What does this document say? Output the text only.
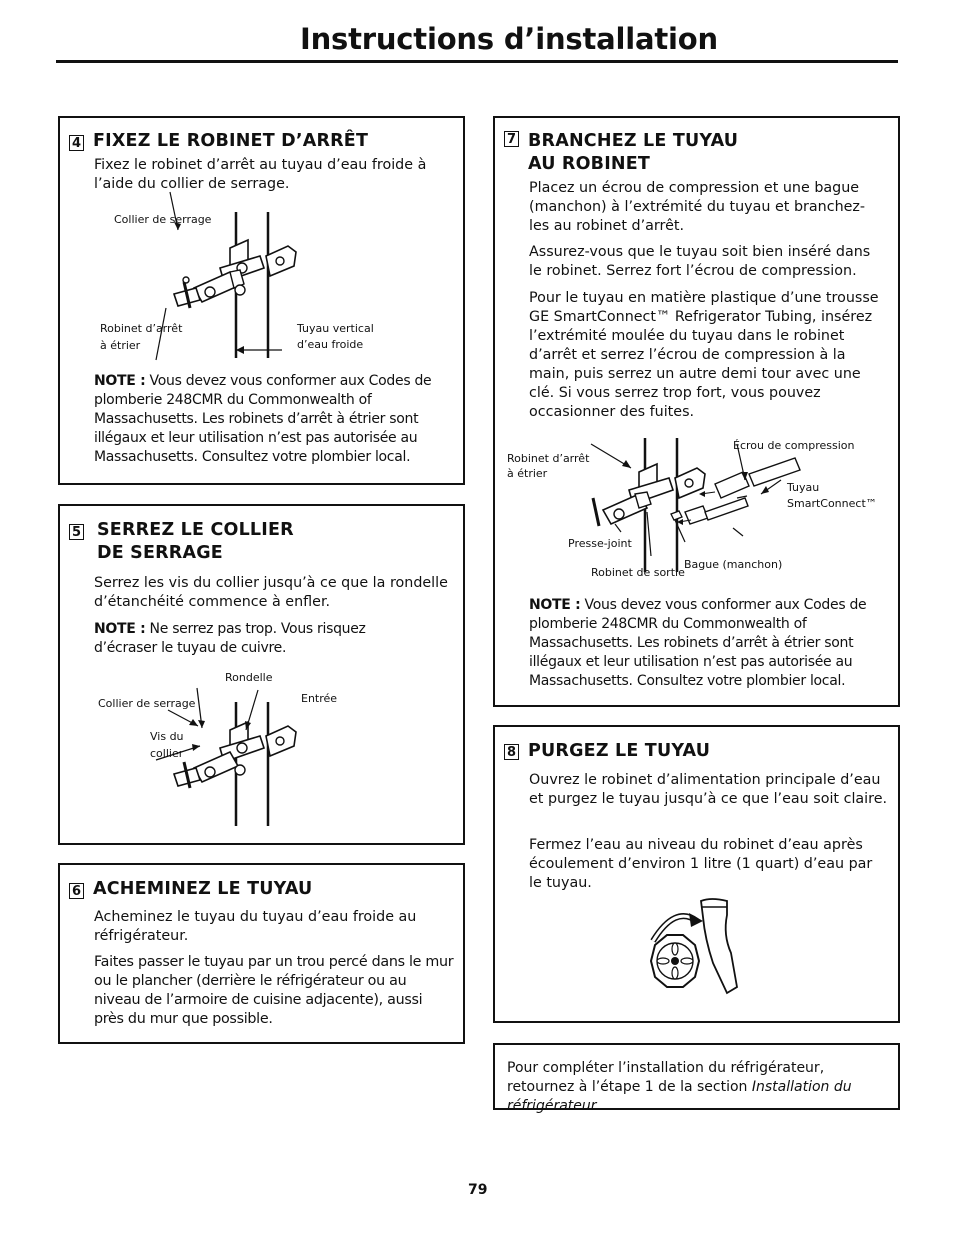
Instructions d’installation
4 FIXEZ LE ROBINET D’ARRÊT

Fixez le robinet d’arrêt au tuyau d’eau froide à l’aide du collier de serrage.

Collier de serrage

Robinet d’arrêt

à étrier

Tuyau vertical

d’eau froide

NOTE : Vous devez vous conformer aux Codes de plomberie 248CMR du Commonwealth of Massachusetts. Les robinets d’arrêt à étrier sont illégaux et leur utilisation n’est pas autorisée au Massachusetts. Consultez votre plombier local.

5 SERREZ LE COLLIER
DE SERRAGE

Serrez les vis du collier jusqu’à ce que la rondelle d’étanchéité commence à enfler.

NOTE : Ne serrez pas trop. Vous risquez d’écraser le tuyau de cuivre.

Rondelle

Entrée

Collier de serrage

Vis du

collier

6 ACHEMINEZ LE TUYAU

Acheminez le tuyau du tuyau d’eau froide au réfrigérateur.

Faites passer le tuyau par un trou percé dans le mur ou le plancher (derrière le réfrigérateur ou au niveau de l’armoire de cuisine adjacente), aussi près du mur que possible.

7 BRANCHEZ LE TUYAU
AU ROBINET

Placez un écrou de compression et une bague (manchon) à l’extrémité du tuyau et branchez-les au robinet d’arrêt.

Assurez-vous que le tuyau soit bien inséré dans le robinet. Serrez fort l’écrou de compression.

Pour le tuyau en matière plastique d’une trousse GE SmartConnect™ Refrigerator Tubing, insérez l’extrémité moulée du tuyau dans le robinet d’arrêt et serrez l’écrou de compression à la main, puis serrez un autre demi tour avec une clé. Si vous serrez trop fort, vous pouvez occasionner des fuites.

Robinet d’arrêt

à étrier

Écrou de compression

Tuyau

SmartConnect™

Presse-joint

Bague (manchon)

Robinet de sortie

NOTE : Vous devez vous conformer aux Codes de plomberie 248CMR du Commonwealth of Massachusetts. Les robinets d’arrêt à étrier sont illégaux et leur utilisation n’est pas autorisée au Massachusetts. Consultez votre plombier local.

8 PURGEZ LE TUYAU

Ouvrez le robinet d’alimentation principale d’eau et purgez le tuyau jusqu’à ce que l’eau soit claire.

Fermez l’eau au niveau du robinet d’eau après écoulement d’environ 1 litre (1 quart) d’eau par le tuyau.

Pour compléter l’installation du réfrigérateur, retournez à l’étape 1 de la section Installation du réfrigérateur.

79
